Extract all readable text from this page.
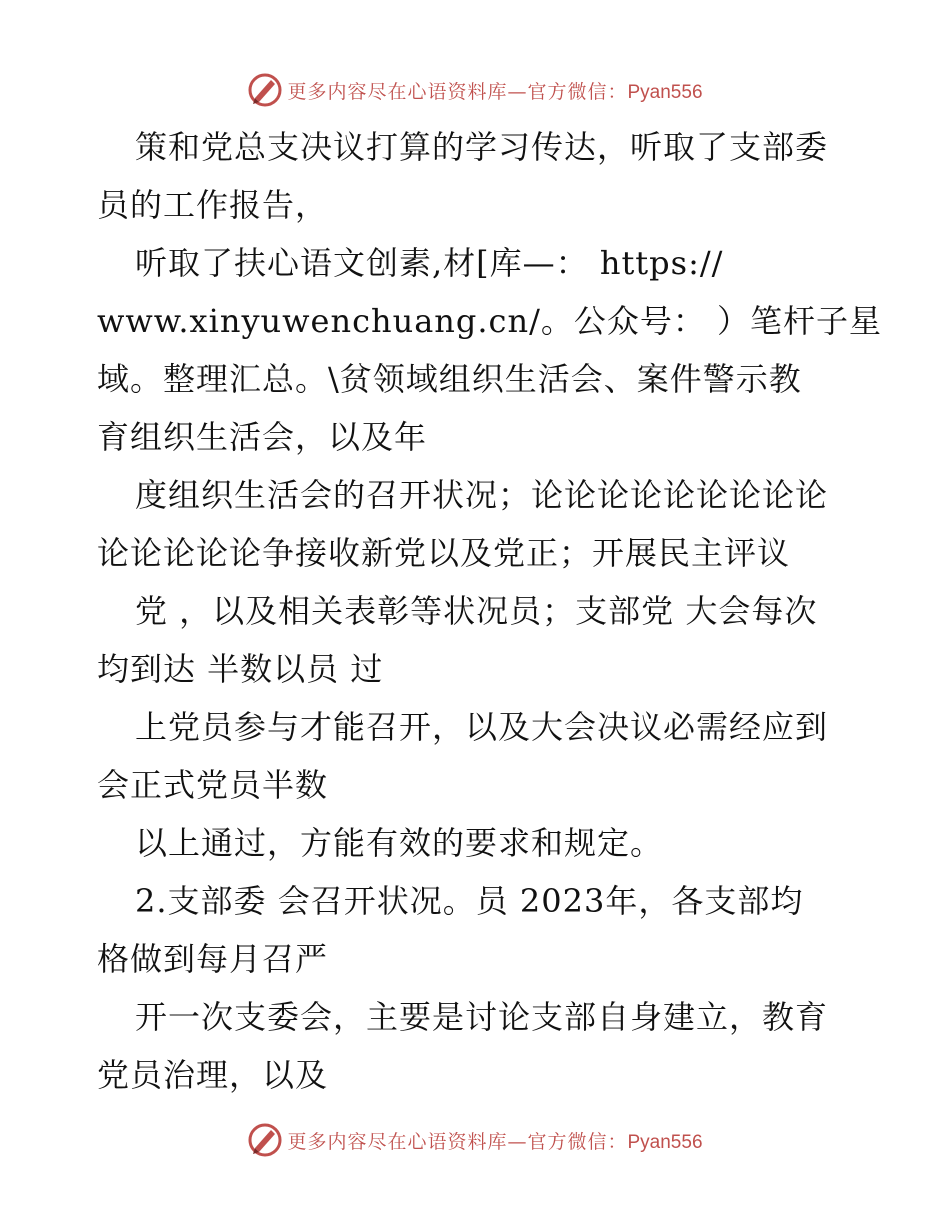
更多内容尽在心语资料库—官方微信：Pyan556
策和党总支决议打算的学习传达，听取了支部委
员的工作报告，
听取了扶心语文创素,材[库—： https://
www.xinyuwenchuang.cn/。公众号： ）笔杆子星
域。整理汇总。\贫领域组织生活会、案件警示教
育组织生活会，以及年
度组织生活会的召开状况；论论论论论论论论论
论论论论论争接收新党以及党正；开展民主评议
党 ，以及相关表彰等状况员；支部党 大会每次
均到达 半数以员 过
上党员参与才能召开，以及大会决议必需经应到
会正式党员半数
以上通过，方能有效的要求和规定。
2.支部委 会召开状况。员 2023年，各支部均
格做到每月召严
开一次支委会，主要是讨论支部自身建立，教育
党员治理，以及
更多内容尽在心语资料库—官方微信：Pyan556
